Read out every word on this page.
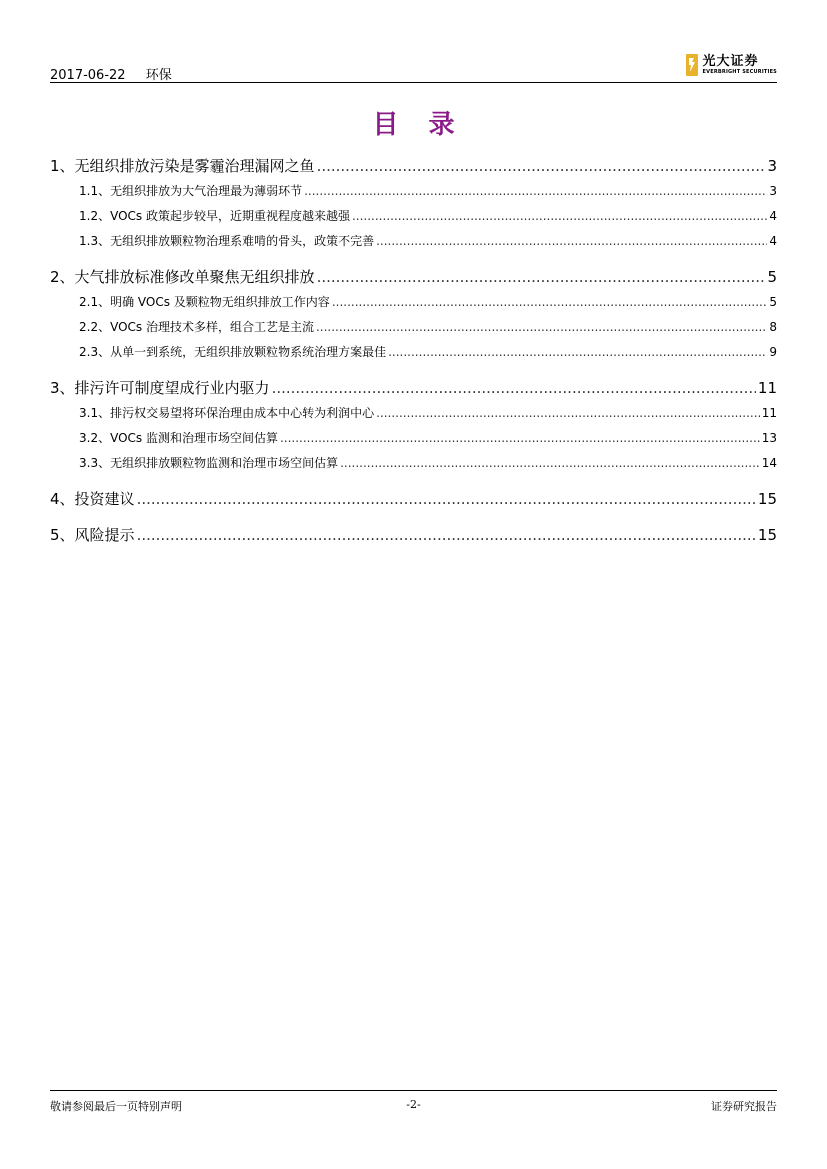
2017-06-22 环保
光大证券
EVERBRIGHT SECURITIES
目录
1、 无组织排放污染是雾霾治理漏网之鱼 .....	3
1.1、 无组织排放为大气治理最为薄弱环节 .....	3
1.2、 VOCs 政策起步较早，近期重视程度越来越强 .....	4
1.3、 无组织排放颗粒物治理系难啃的骨头，政策不完善 .....	4
2、 大气排放标准修改单聚焦无组织排放 .....	5
2.1、 明确 VOCs 及颗粒物无组织排放工作内容 .....	5
2.2、 VOCs 治理技术多样，组合工艺是主流 .....	8
2.3、 从单一到系统，无组织排放颗粒物系统治理方案最佳 .....	9
3、 排污许可制度望成行业内驱力 .....	11
3.1、 排污权交易望将环保治理由成本中心转为利润中心 .....	11
3.2、 VOCs 监测和治理市场空间估算 .....	13
3.3、 无组织排放颗粒物监测和治理市场空间估算 .....	14
4、 投资建议 .....	15
5、 风险提示 .....	15
敬请参阅最后一页特别声明	-2-	证券研究报告
